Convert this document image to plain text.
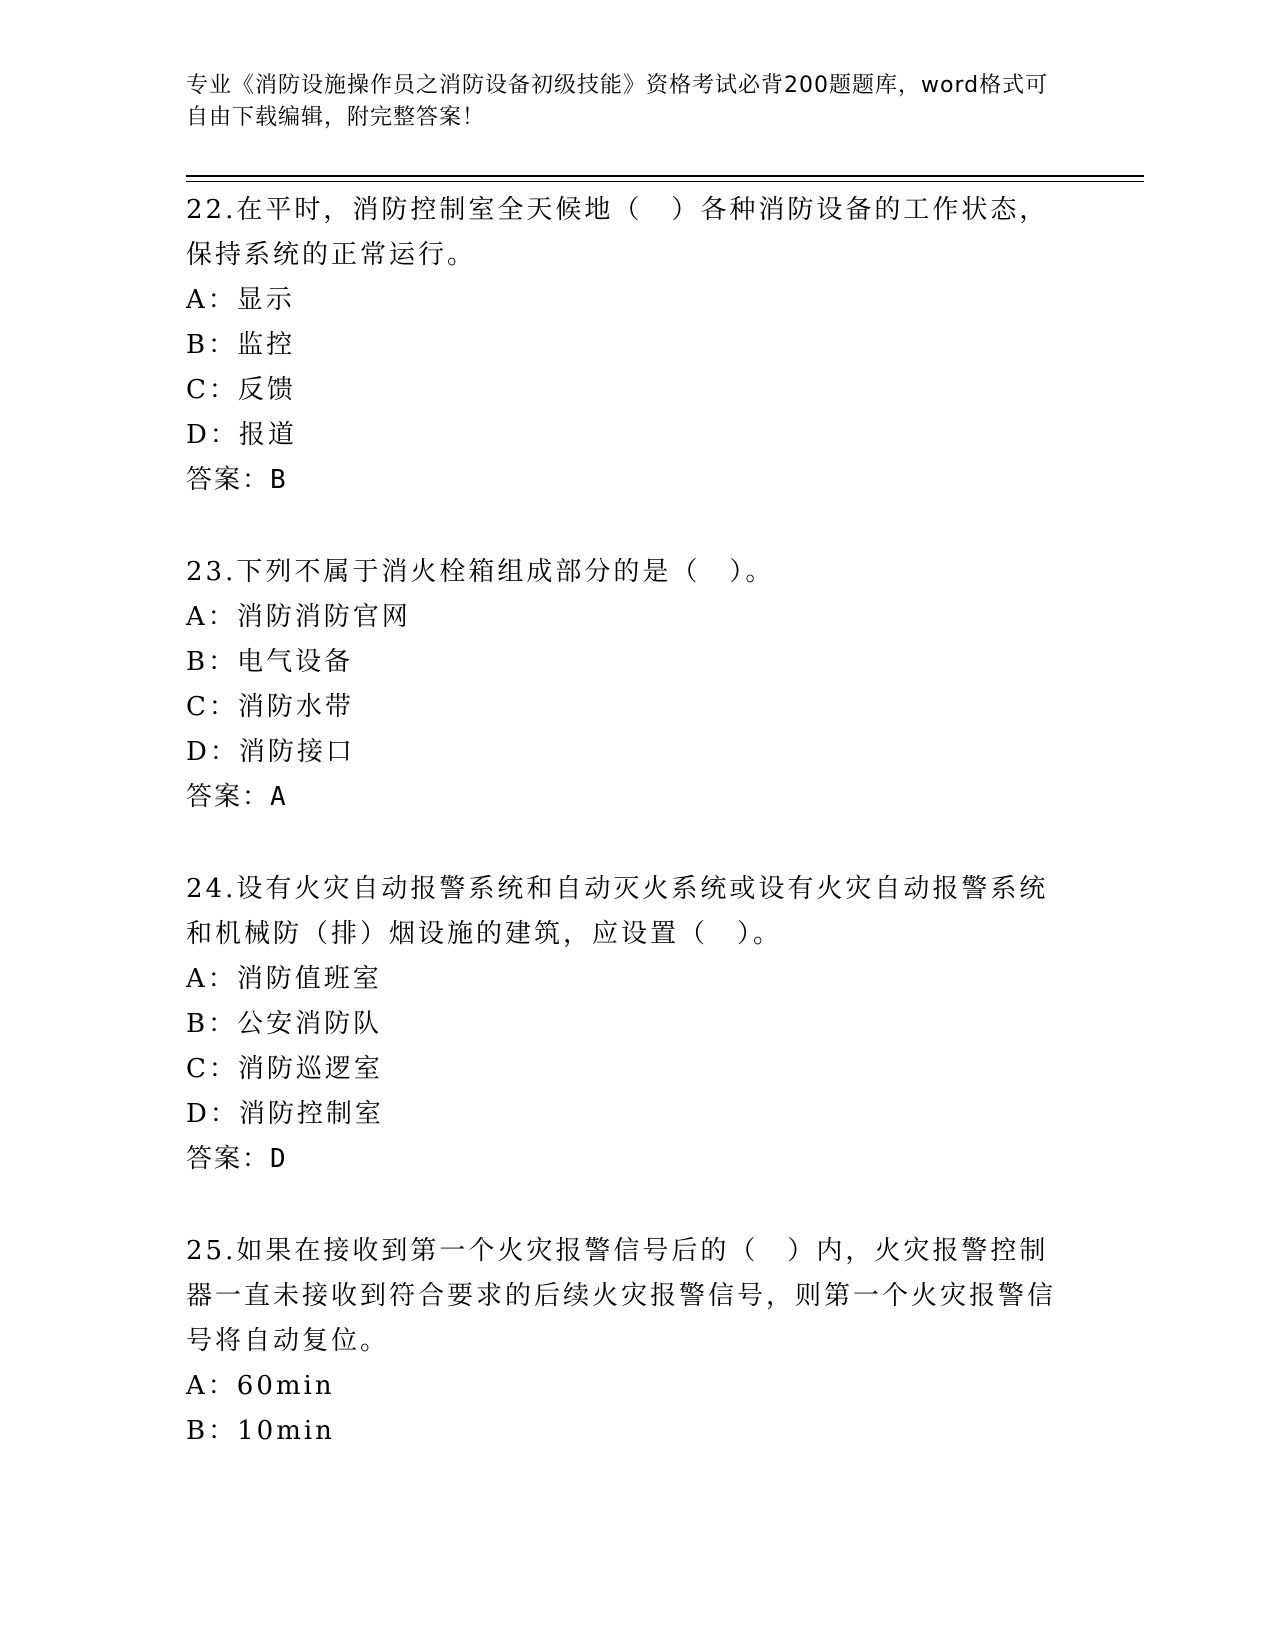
专业《消防设施操作员之消防设备初级技能》资格考试必背200题题库，word格式可自由下载编辑，附完整答案！

22.在平时，消防控制室全天候地（　）各种消防设备的工作状态，保持系统的正常运行。

A：显示

B：监控

C：反馈

D：报道

答案：B

23.下列不属于消火栓箱组成部分的是（　）。

A：消防消防官网

B：电气设备

C：消防水带

D：消防接口

答案：A

24.设有火灾自动报警系统和自动灭火系统或设有火灾自动报警系统和机械防（排）烟设施的建筑，应设置（　）。

A：消防值班室

B：公安消防队

C：消防巡逻室

D：消防控制室

答案：D

25.如果在接收到第一个火灾报警信号后的（　）内，火灾报警控制器一直未接收到符合要求的后续火灾报警信号，则第一个火灾报警信号将自动复位。

A：60min

B：10min
